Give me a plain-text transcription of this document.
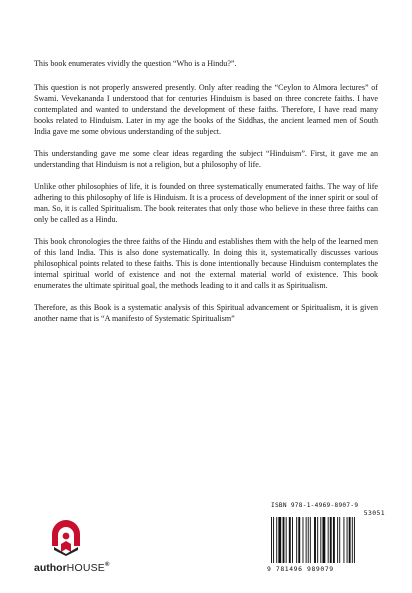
This book enumerates vividly the question “Who is a Hindu?”.

This question is not properly answered presently. Only after reading the “Ceylon to Almora lectures” of Swami. Vevekananda I understood that for centuries Hinduism is based on three concrete faiths. I have contemplated and wanted to understand the development of these faiths. Therefore, I have read many books related to Hinduism. Later in my age the books of the Siddhas, the ancient learned men of South India gave me some obvious understanding of the subject.

This understanding gave me some clear ideas regarding the subject “Hinduism”. First, it gave me an understanding that Hinduism is not a religion, but a philosophy of life.

Unlike other philosophies of life, it is founded on three systematically enumerated faiths. The way of life adhering to this philosophy of life is Hinduism. It is a process of development of the inner spirit or soul of man. So, it is called Spiritualism. The book reiterates that only those who believe in these three faiths can only be called as a Hindu.

This book chronologies the three faiths of the Hindu and establishes them with the help of the learned men of this land India. This is also done systematically. In doing this it, systematically discusses various philosophical points related to these faiths. This is done intentionally because Hinduism contemplates the internal spiritual world of existence and not the external material world of existence. This book enumerates the ultimate spiritual goal, the methods leading to it and calls it as Spiritualism.

Therefore, as this Book is a systematic analysis of this Spiritual advancement or Spiritualism, it is given another name that is “A manifesto of Systematic Spiritualism”

authorHOUSE®
ISBN 978-1-4969-8907-9
53051
9 781496 989079
